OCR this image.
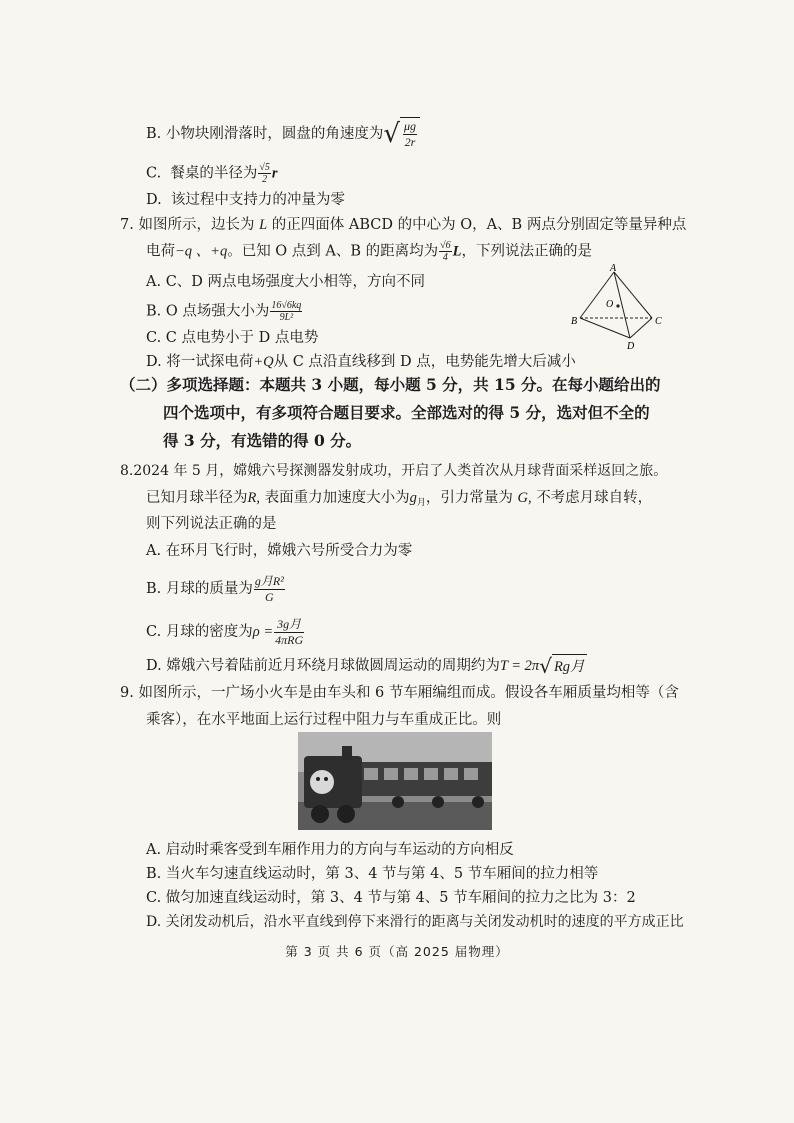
B.
小物块刚滑落时，圆盘的角速度为 √ $\frac{\mu g}{2r}$
C. 餐桌的半径为 $\frac{√5}{2}$ r
D. 该过程中支持力的冲量为零
7. 如图所示，边长为 L 的正四面体 ABCD 的中心为 O，A、B 两点分别固定等量异种点
电荷−q 、+q。已知 O 点到 A、B 的距离均为 $\frac{√6}{4}$ L，下列说法正确的是
A. C、D 两点电场强度大小相等，方向不同
B. O 点场强大小为 $\frac{16√6kq}{\text{9L²}}$
C. C 点电势小于 D 点电势
D. 将一试探电荷+Q从 C 点沿直线移到 D 点，电势能先增大后减小
A
B	C
D
O
（二）多项选择题：本题共 3 小题，每小题 5 分，共 15 分。在每小题给出的
四个选项中，有多项符合题目要求。全部选对的得 5 分，选对但不全的
得 3 分，有选错的得 0 分。
8.2024 年 5 月，嫦娥六号探测器发射成功，开启了人类首次从月球背面采样返回之旅。
已知月球半径为R, 表面重力加速度大小为$g_月$，引力常量为 G, 不考虑月球自转，
则下列说法正确的是
A. 在环月飞行时，嫦娥六号所受合力为零
B.
月球的质量为 $\frac{\text{g月R²}}{G}$
C.
月球的密度为 $\rho = \frac{\text{3g月}}{\text{4πRG}}$
D.
嫦娥六号着陆前近月环绕月球做圆周运动的周期约为 T = 2π √ Rg月
9. 如图所示，一广场小火车是由车头和 6 节车厢编组而成。假设各车厢质量均相等（含
乘客），在水平地面上运行过程中阻力与车重成正比。则
A. 启动时乘客受到车厢作用力的方向与车运动的方向相反
B. 当火车匀速直线运动时，第 3、4 节与第 4、5 节车厢间的拉力相等
C. 做匀加速直线运动时，第 3、4 节与第 4、5 节车厢间的拉力之比为 3：2
D. 关闭发动机后，沿水平直线到停下来滑行的距离与关闭发动机时的速度的平方成正比
第 3 页 共 6 页（高 2025 届物理）
